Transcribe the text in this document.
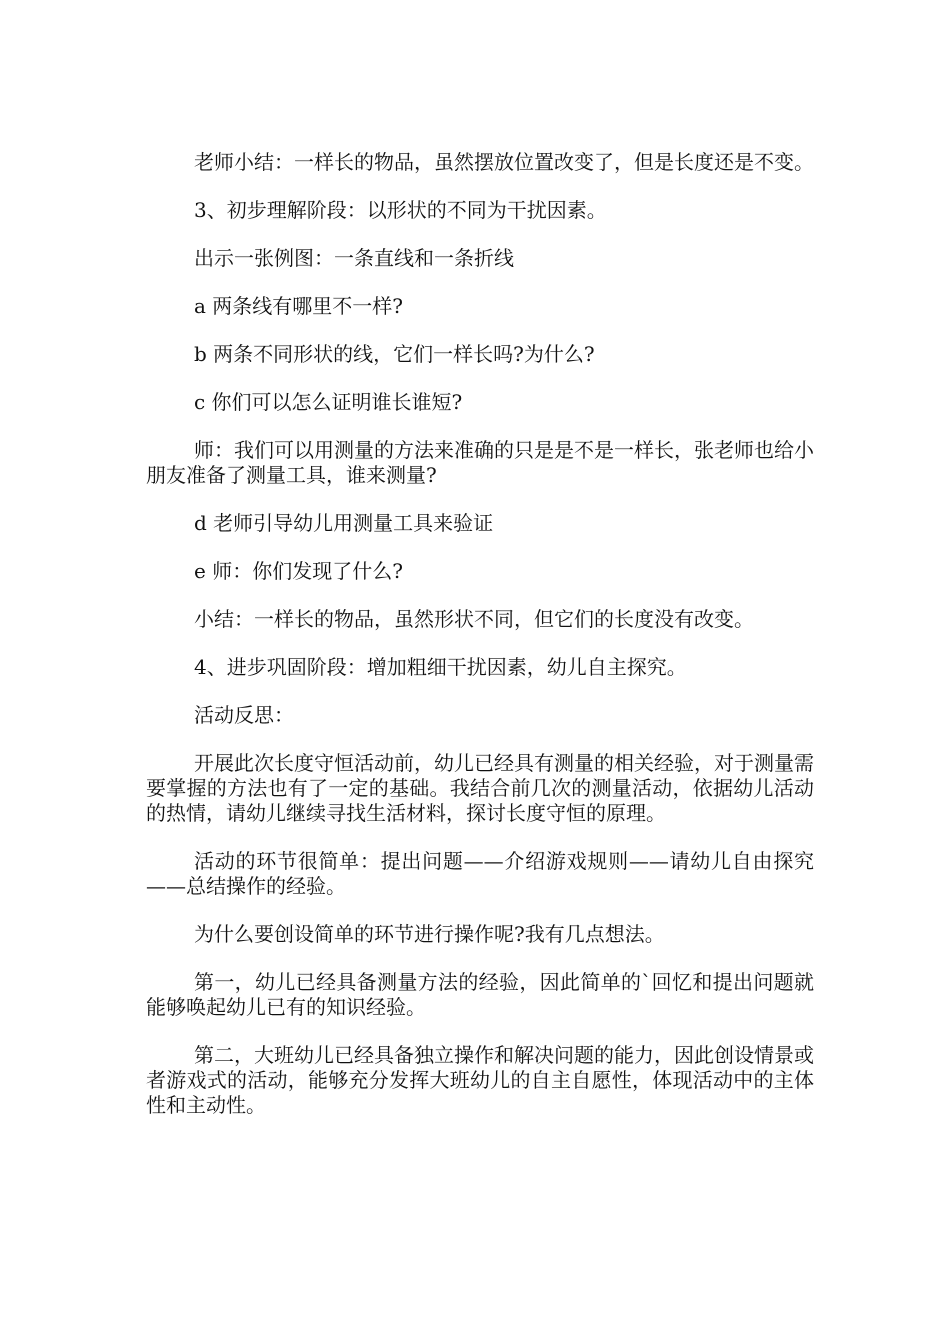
老师小结：一样长的物品，虽然摆放位置改变了，但是长度还是不变。

3、初步理解阶段：以形状的不同为干扰因素。

出示一张例图：一条直线和一条折线

a 两条线有哪里不一样?

b 两条不同形状的线，它们一样长吗?为什么?

c 你们可以怎么证明谁长谁短?

师：我们可以用测量的方法来准确的只是是不是一样长，张老师也给小朋友准备了测量工具，谁来测量?

d 老师引导幼儿用测量工具来验证

e 师：你们发现了什么?

小结：一样长的物品，虽然形状不同，但它们的长度没有改变。

4、进步巩固阶段：增加粗细干扰因素，幼儿自主探究。

活动反思：

开展此次长度守恒活动前，幼儿已经具有测量的相关经验，对于测量需要掌握的方法也有了一定的基础。我结合前几次的测量活动，依据幼儿活动的热情，请幼儿继续寻找生活材料，探讨长度守恒的原理。

活动的环节很简单：提出问题——介绍游戏规则——请幼儿自由探究——总结操作的经验。

为什么要创设简单的环节进行操作呢?我有几点想法。

第一，幼儿已经具备测量方法的经验，因此简单的`回忆和提出问题就能够唤起幼儿已有的知识经验。

第二，大班幼儿已经具备独立操作和解决问题的能力，因此创设情景或者游戏式的活动，能够充分发挥大班幼儿的自主自愿性，体现活动中的主体性和主动性。
